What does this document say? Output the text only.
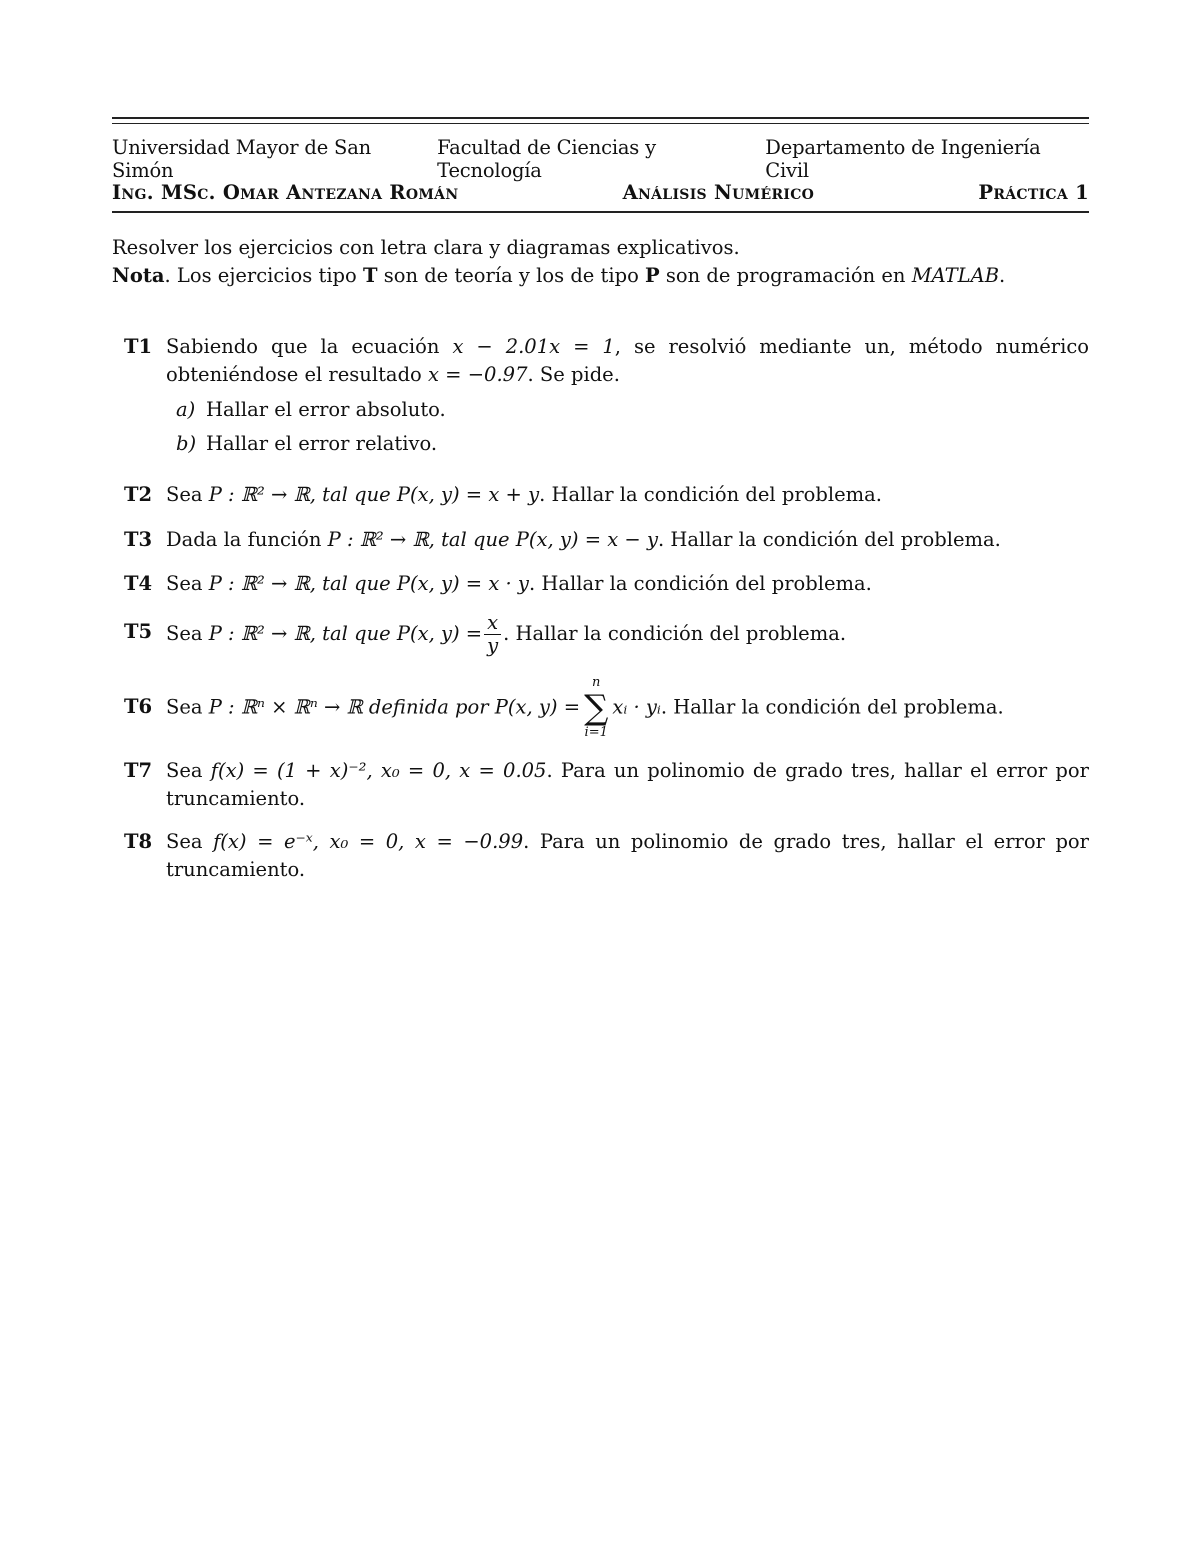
Universidad Mayor de San Simón
Facultad de Ciencias y Tecnología
Departamento de Ingeniería Civil
Ing. MSc. Omar Antezana Román	Análisis Numérico	Práctica 1
Resolver los ejercicios con letra clara y diagramas explicativos.
Nota. Los ejercicios tipo T son de teoría y los de tipo P son de programación en MATLAB.
T1 Sabiendo que la ecuación x − 2.01x = 1, se resolvió mediante un, método numérico obteniéndose el resultado x = −0.97. Se pide.
a) Hallar el error absoluto.
b) Hallar el error relativo.
T2 Sea P : ℝ² → ℝ, tal que P(x, y) = x + y. Hallar la condición del problema.
T3 Dada la función P : ℝ² → ℝ, tal que P(x, y) = x − y. Hallar la condición del problema.
T4 Sea P : ℝ² → ℝ, tal que P(x, y) = x · y. Hallar la condición del problema.
T5 Sea P : ℝ² → ℝ, tal que P(x, $y) = \frac{x}{y}$ . Hallar la condición del problema.
T6 Sea P : ℝⁿ × ℝⁿ → ℝ definida por P(x, y) =
n
∑
i=1
xᵢ · yᵢ. Hallar la condición del problema.
T7 Sea f(x) = (1 + x)⁻², x₀ = 0, x = 0.05. Para un polinomio de grado tres, hallar el error por truncamiento.
T8 Sea f(x) = e⁻ˣ, x₀ = 0, x = −0.99. Para un polinomio de grado tres, hallar el error por truncamiento.
